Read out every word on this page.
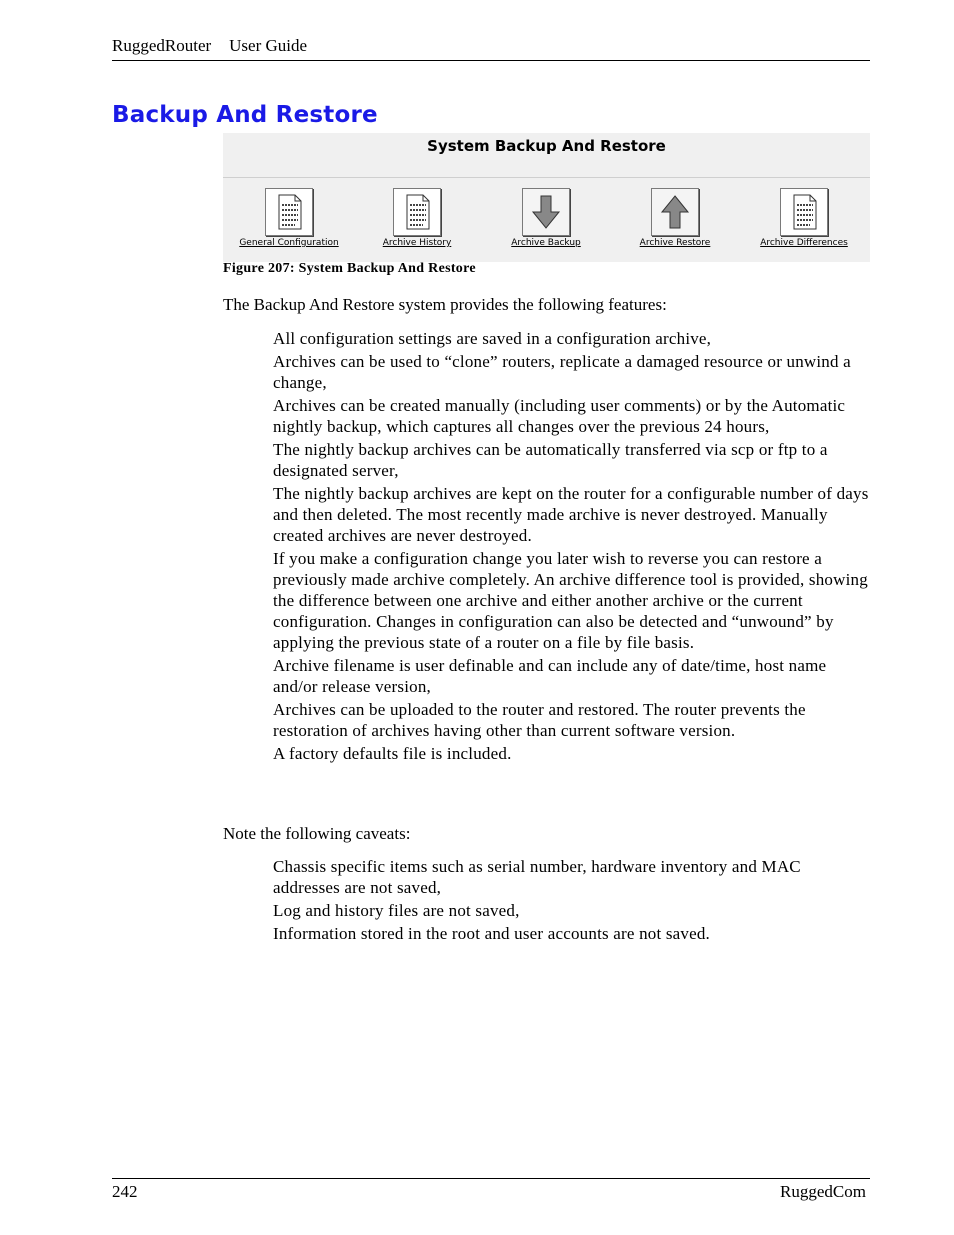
RuggedRouter User Guide
Backup And Restore
System Backup And Restore
General Configuration	Archive History	Archive Backup	Archive Restore	Archive Differences
Figure 207: System Backup And Restore

The Backup And Restore system provides the following features:

All configuration settings are saved in a configuration archive,
Archives can be used to “clone” routers, replicate a damaged resource or unwind a change,
Archives can be created manually (including user comments) or by the Automatic nightly backup, which captures all changes over the previous 24 hours,
The nightly backup archives can be automatically transferred via scp or ftp to a designated server,
The nightly backup archives are kept on the router for a configurable number of days and then deleted. The most recently made archive is never destroyed. Manually created archives are never destroyed.
If you make a configuration change you later wish to reverse you can restore a previously made archive completely. An archive difference tool is provided, showing the difference between one archive and either another archive or the current configuration. Changes in configuration can also be detected and “unwound” by applying the previous state of a router on a file by file basis.
Archive filename is user definable and can include any of date/time, host name and/or release version,
Archives can be uploaded to the router and restored. The router prevents the restoration of archives having other than current software version.
A factory defaults file is included.

Note the following caveats:

Chassis specific items such as serial number, hardware inventory and MAC addresses are not saved,
Log and history files are not saved,
Information stored in the root and user accounts are not saved.
242	RuggedCom
